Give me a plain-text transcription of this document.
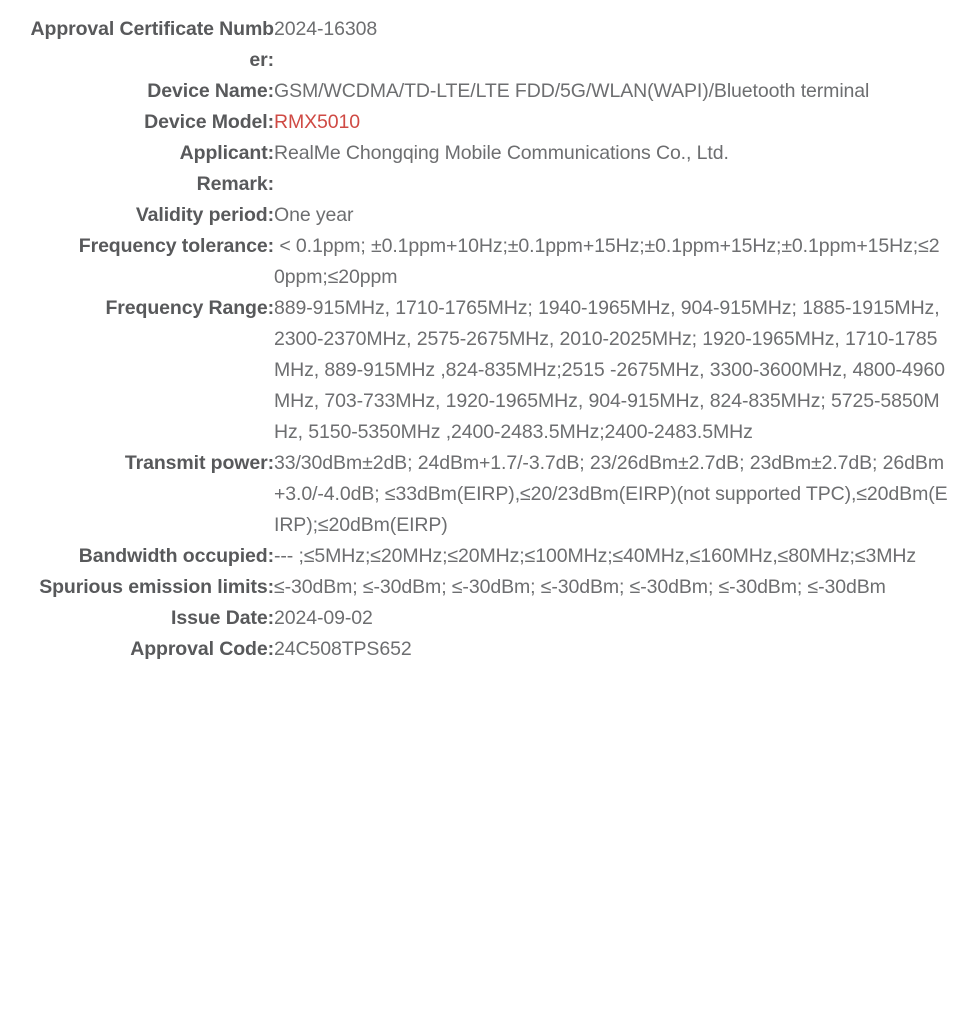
Approval Certificate Number:	2024-16308
Device Name:	GSM/WCDMA/TD-LTE/LTE FDD/5G/WLAN(WAPI)/Bluetooth terminal
Device Model:	RMX5010
Applicant:	RealMe Chongqing Mobile Communications Co., Ltd.
Remark:	
Validity period:	One year
Frequency tolerance:	< 0.1ppm; ±0.1ppm+10Hz;±0.1ppm+15Hz;±0.1ppm+15Hz;±0.1ppm+15Hz;≤20ppm;≤20ppm
Frequency Range:	889-915MHz, 1710-1765MHz; 1940-1965MHz, 904-915MHz; 1885-1915MHz, 2300-2370MHz, 2575-2675MHz, 2010-2025MHz; 1920-1965MHz, 1710-1785MHz, 889-915MHz ,824-835MHz;2515 -2675MHz, 3300-3600MHz, 4800-4960MHz, 703-733MHz, 1920-1965MHz, 904-915MHz, 824-835MHz; 5725-5850MHz, 5150-5350MHz ,2400-2483.5MHz;2400-2483.5MHz
Transmit power:	33/30dBm±2dB; 24dBm+1.7/-3.7dB; 23/26dBm±2.7dB; 23dBm±2.7dB; 26dBm+3.0/-4.0dB; ≤33dBm(EIRP),≤20/23dBm(EIRP)(not supported TPC),≤20dBm(EIRP);≤20dBm(EIRP)
Bandwidth occupied:	--- ;≤5MHz;≤20MHz;≤20MHz;≤100MHz;≤40MHz,≤160MHz,≤80MHz;≤3MHz
Spurious emission limits:	≤-30dBm; ≤-30dBm; ≤-30dBm; ≤-30dBm; ≤-30dBm; ≤-30dBm; ≤-30dBm
Issue Date:	2024-09-02
Approval Code:	24C508TPS652
